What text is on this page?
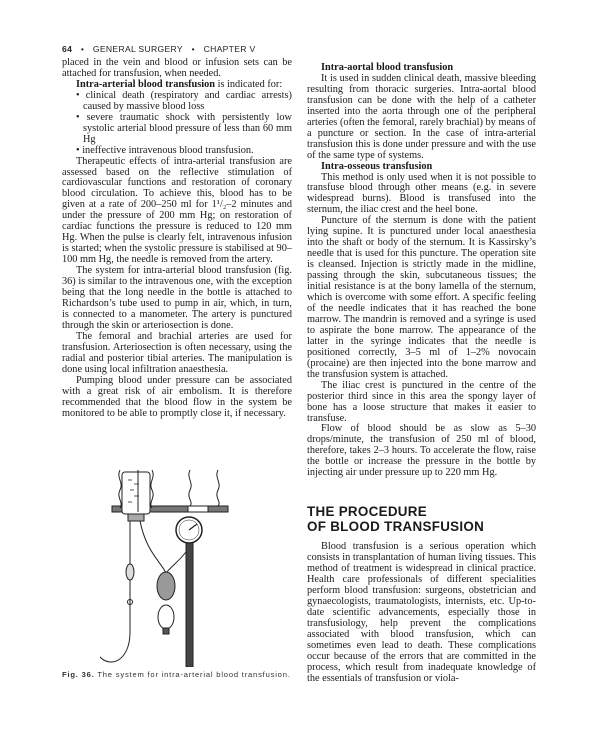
64 • GENERAL SURGERY • CHAPTER V

placed in the vein and blood or infusion sets can be attached for transfusion, when needed.

Intra-arterial blood transfusion is indicated for:
• clinical death (respiratory and cardiac arrests) caused by massive blood loss
• severe traumatic shock with persistently low systolic arterial blood pressure of less than 60 mm Hg
• ineffective intravenous blood transfusion.

Therapeutic effects of intra-arterial transfusion are assessed based on the reflective stimulation of cardiovascular functions and restoration of coronary blood circulation. To achieve this, blood has to be given at a rate of 200–250 ml for 1¹/₂–2 minutes and under the pressure of 200 mm Hg; on restoration of cardiac functions the pressure is reduced to 120 mm Hg. When the pulse is clearly felt, intravenous infusion is started; when the systolic pressure is stabilised at 90–100 mm Hg, the needle is removed from the artery.

The system for intra-arterial blood transfusion (fig. 36) is similar to the intravenous one, with the exception being that the long needle in the bottle is attached to Richardson’s tube used to pump in air, which, in turn, is connected to a manometer. The artery is punctured through the skin or arteriosection is done.

The femoral and brachial arteries are used for transfusion. Arteriosection is often necessary, using the radial and posterior tibial arteries. The manipulation is done using local infiltration anaesthesia.

Pumping blood under pressure can be associated with a great risk of air embolism. It is therefore recommended that the blood flow in the system be monitored to be able to promptly close it, if necessary.

Fig. 36. The system for intra-arterial blood transfusion.
Intra-aortal blood transfusion

It is used in sudden clinical death, massive bleeding resulting from thoracic surgeries. Intra-aortal blood transfusion can be done with the help of a catheter inserted into the aorta through one of the peripheral arteries (often the femoral, rarely brachial) by means of a puncture or section. In the case of intra-arterial transfusion this is done under pressure and with the use of the same type of systems.

Intra-osseous transfusion

This method is only used when it is not possible to transfuse blood through other means (e.g. in severe widespread burns). Blood is transfused into the sternum, the iliac crest and the heel bone.

Puncture of the sternum is done with the patient lying supine. It is punctured under local anaesthesia into the shaft or body of the sternum. It is Kassirsky’s needle that is used for this puncture. The operation site is cleansed. Injection is strictly made in the midline, passing through the skin, subcutaneous tissues; the initial resistance is at the bony lamella of the sternum, which is overcome with some effort. A specific feeling of the needle indicates that it has reached the bone marrow. The mandrin is removed and a syringe is used to aspirate the bone marrow. The appearance of the latter in the syringe indicates that the needle is positioned correctly, 3–5 ml of 1–2% novocain (procaine) are then injected into the bone marrow and the transfusion system is attached.

The iliac crest is punctured in the centre of the posterior third since in this area the spongy layer of bone has a loose structure that makes it easier to transfuse.

Flow of blood should be as slow as 5–30 drops/minute, the transfusion of 250 ml of blood, therefore, takes 2–3 hours. To accelerate the flow, raise the bottle or increase the pressure in the bottle by injecting air under pressure up to 220 mm Hg.

THE PROCEDURE
OF BLOOD TRANSFUSION

Blood transfusion is a serious operation which consists in transplantation of human living tissues. This method of treatment is widespread in clinical practice. Health care professionals of different specialities perform blood transfusion: surgeons, obstetrician and gynaecologists, traumatologists, internists, etc. Up-to-date scientific advancements, especially those in transfusiology, help prevent the complications associated with blood transfusion, which can sometimes even lead to death. These complications occur because of the errors that are committed in the process, which result from inadequate knowledge of the essentials of transfusion or viola-
